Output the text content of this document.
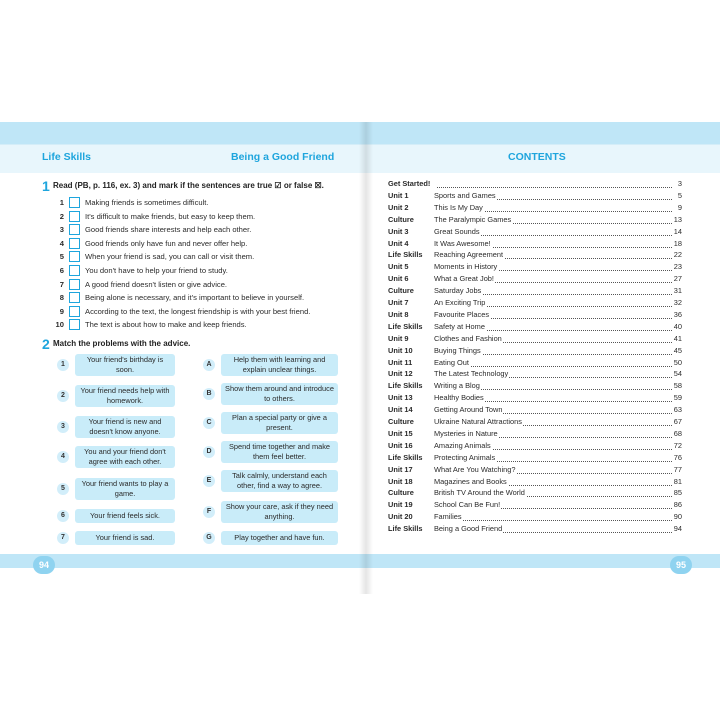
Life Skills	Being a Good Friend
1 Read (PB, p. 116, ex. 3) and mark if the sentences are true ☑ or false ☒.
1	Making friends is sometimes difficult.
2	It's difficult to make friends, but easy to keep them.
3	Good friends share interests and help each other.
4	Good friends only have fun and never offer help.
5	When your friend is sad, you can call or visit them.
6	You don't have to help your friend to study.
7	A good friend doesn't listen or give advice.
8	Being alone is necessary, and it's important to believe in yourself.
9	According to the text, the longest friendship is with your best friend.
10	The text is about how to make and keep friends.
2 Match the problems with the advice.
1
Your friend's birthday is soon.
2
Your friend needs help with homework.
3
Your friend is new and doesn't know anyone.
4
You and your friend don't agree with each other.
5
Your friend wants to play a game.
6	Your friend feels sick.
7	Your friend is sad.
A
Help them with learning and explain unclear things.
B
Show them around and introduce to others.
C
Plan a special party or give a present.
D
Spend time together and make them feel better.
E
Talk calmly, understand each other, find a way to agree.
F
Show your care, ask if they need anything.
G	Play together and have fun.
94
CONTENTS
95
Get Started!	3
Unit 1	Sports and Games	5
Unit 2	This Is My Day	9
Culture	The Paralympic Games	13
Unit 3	Great Sounds	14
Unit 4	It Was Awesome!	18
Life Skills Reaching Agreement	22
Unit 5	Moments in History	23
Unit 6	What a Great Job!	27
Culture	Saturday Jobs	31
Unit 7	An Exciting Trip	32
Unit 8	Favourite Places	36
Life Skills Safety at Home	40
Unit 9	Clothes and Fashion	41
Unit 10	Buying Things	45
Unit 11	Eating Out	50
Unit 12	The Latest Technology	54
Life Skills Writing a Blog	58
Unit 13	Healthy Bodies	59
Unit 14	Getting Around Town	63
Culture	Ukraine Natural Attractions	67
Unit 15	Mysteries in Nature	68
Unit 16	Amazing Animals	72
Life Skills Protecting Animals	76
Unit 17	What Are You Watching?	77
Unit 18	Magazines and Books	81
Culture	British TV Around the World	85
Unit 19	School Can Be Fun!	86
Unit 20	Families	90
Life Skills Being a Good Friend	94
